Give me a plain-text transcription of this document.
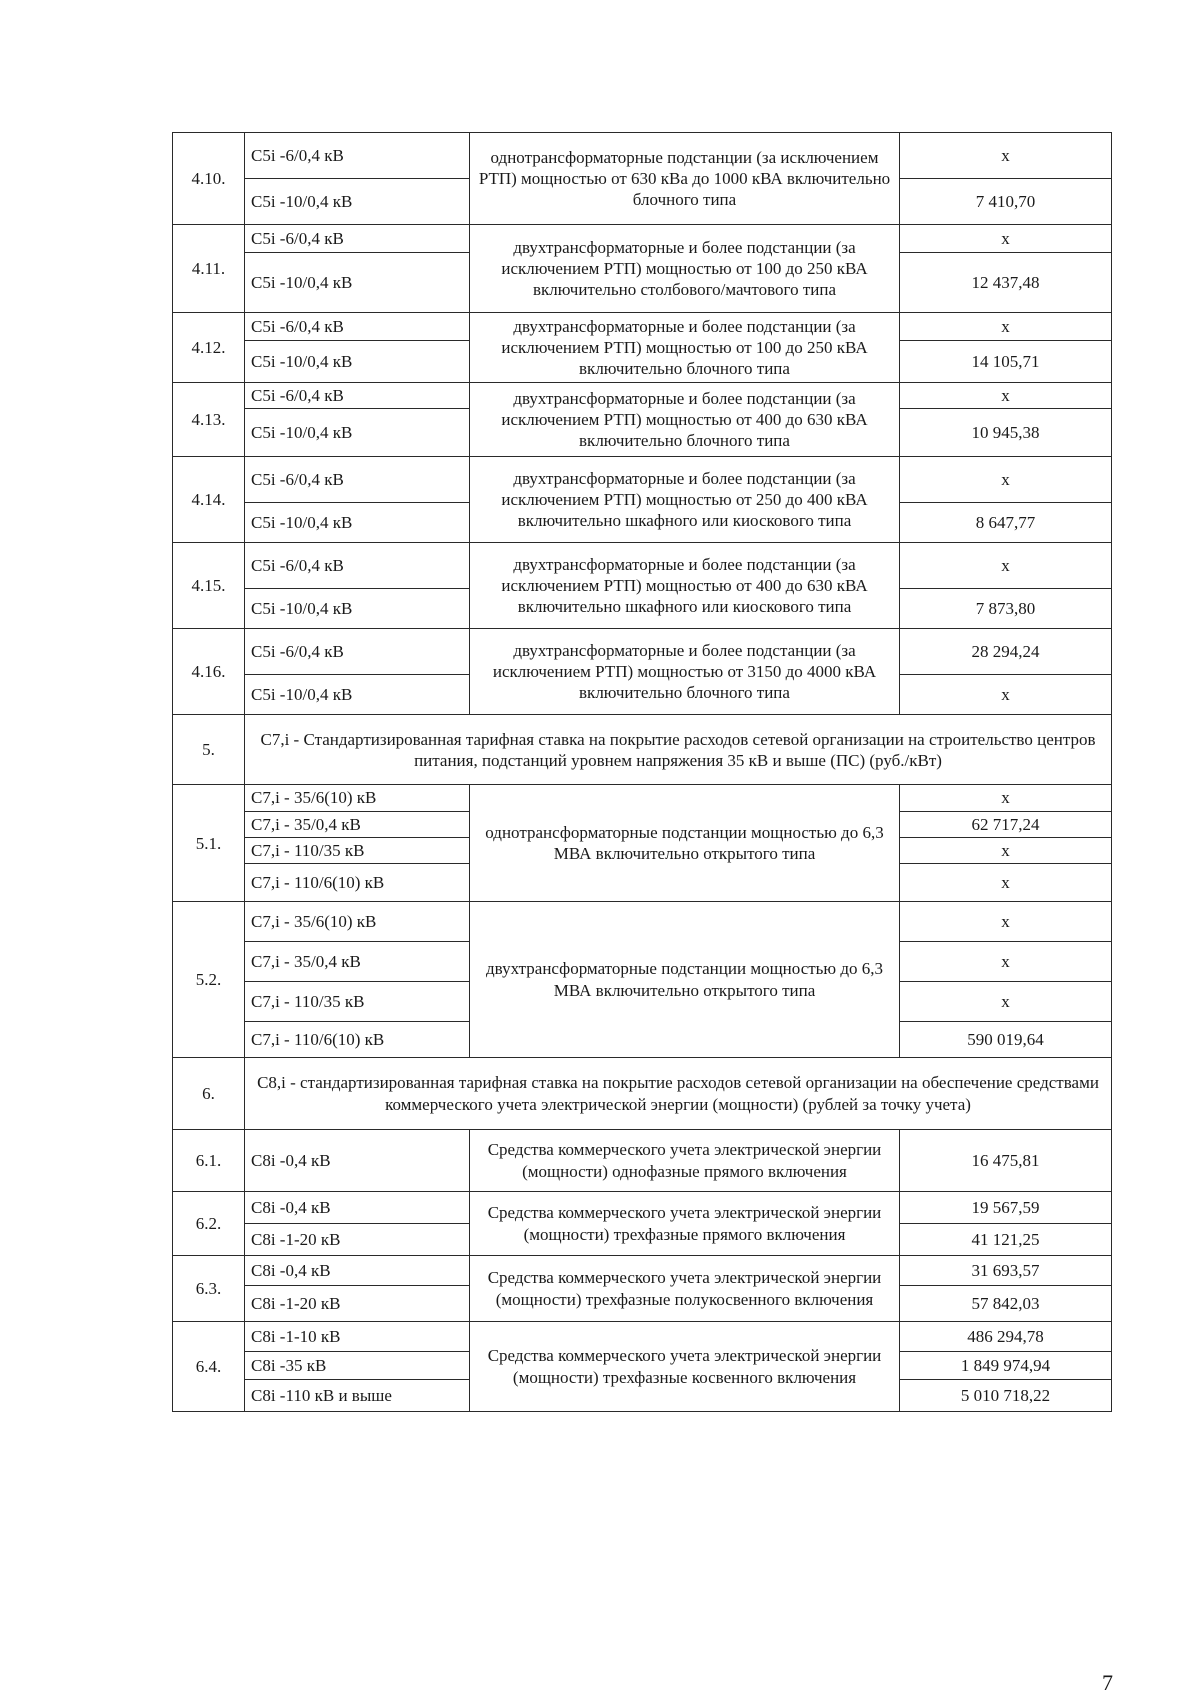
4.10.	C5i -6/0,4 кВ	однотрансформаторные подстанции (за исключением РТП) мощностью от 630 кВа до 1000 кВА включительно блочного типа	x
	C5i -10/0,4 кВ		7 410,70
4.11.	C5i -6/0,4 кВ	двухтрансформаторные и более подстанции (за исключением РТП) мощностью от 100 до 250 кВА включительно столбового/мачтового типа	x
	C5i -10/0,4 кВ		12 437,48
4.12.	C5i -6/0,4 кВ	двухтрансформаторные и более подстанции (за исключением РТП) мощностью от 100 до 250 кВА включительно блочного типа	x
	C5i -10/0,4 кВ		14 105,71
4.13.	C5i -6/0,4 кВ	двухтрансформаторные и более подстанции (за исключением РТП) мощностью от 400 до 630 кВА включительно блочного типа	x
	C5i -10/0,4 кВ		10 945,38
4.14.	C5i -6/0,4 кВ	двухтрансформаторные и более подстанции (за исключением РТП) мощностью от 250 до 400 кВА включительно шкафного или киоскового типа	x
	C5i -10/0,4 кВ		8 647,77
4.15.	C5i -6/0,4 кВ	двухтрансформаторные и более подстанции (за исключением РТП) мощностью от 400 до 630 кВА включительно шкафного или киоскового типа	x
	C5i -10/0,4 кВ		7 873,80
4.16.	C5i -6/0,4 кВ	двухтрансформаторные и более подстанции (за исключением РТП) мощностью от 3150 до 4000 кВА включительно блочного типа	28 294,24
	C5i -10/0,4 кВ		x
5.	C7,i - Стандартизированная тарифная ставка на покрытие расходов сетевой организации на строительство центров питания, подстанций уровнем напряжения 35 кВ и выше (ПС) (руб./кВт)		
5.1.	C7,i - 35/6(10) кВ	однотрансформаторные подстанции мощностью до 6,3 МВА включительно открытого типа	x
	C7,i - 35/0,4 кВ		62 717,24
	C7,i - 110/35 кВ		x
	C7,i - 110/6(10) кВ		x
5.2.	C7,i - 35/6(10) кВ	двухтрансформаторные подстанции мощностью до 6,3 МВА включительно открытого типа	x
	C7,i - 35/0,4 кВ		x
	C7,i - 110/35 кВ		x
	C7,i - 110/6(10) кВ		590 019,64
6.	C8,i - стандартизированная тарифная ставка на покрытие расходов сетевой организации на обеспечение средствами коммерческого учета электрической энергии (мощности) (рублей за точку учета)		
6.1.	C8i -0,4 кВ	Средства коммерческого учета электрической энергии (мощности) однофазные прямого включения	16 475,81
6.2.	C8i -0,4 кВ	Средства коммерческого учета электрической энергии (мощности) трехфазные прямого включения	19 567,59
	C8i -1-20 кВ		41 121,25
6.3.	C8i -0,4 кВ	Средства коммерческого учета электрической энергии (мощности) трехфазные полукосвенного включения	31 693,57
	C8i -1-20 кВ		57 842,03
6.4.	C8i -1-10 кВ	Средства коммерческого учета электрической энергии (мощности) трехфазные косвенного включения	486 294,78
	C8i -35 кВ		1 849 974,94
	C8i -110 кВ и выше		5 010 718,22
7
